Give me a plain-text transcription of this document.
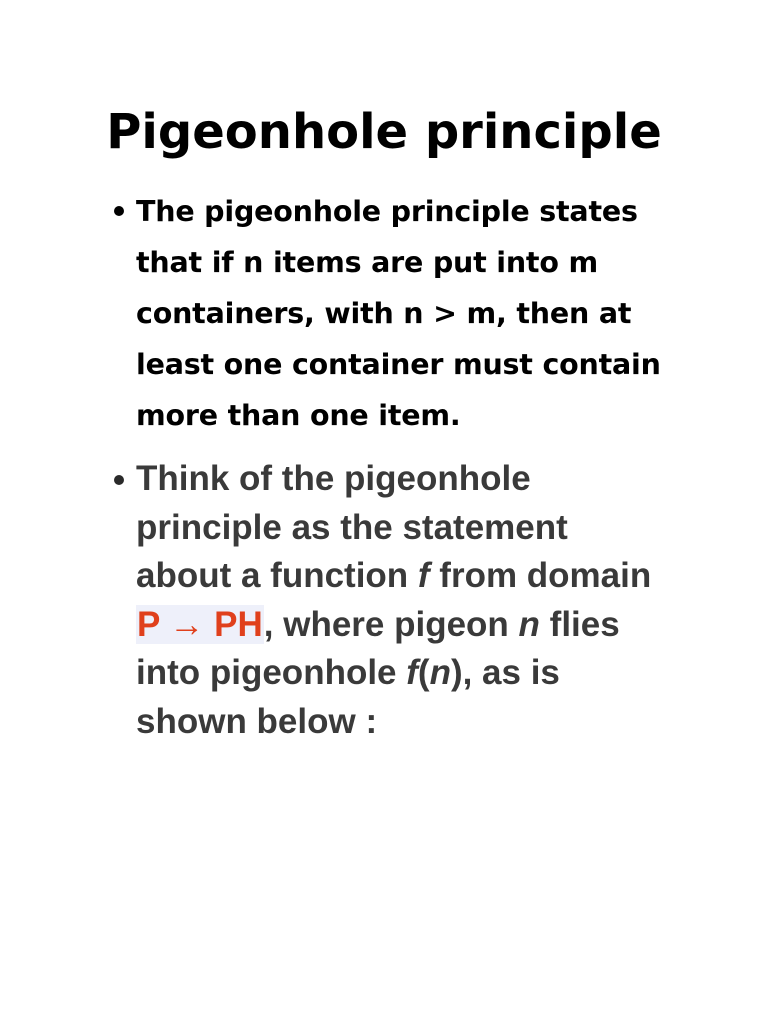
Pigeonhole principle
The pigeonhole principle states that if n items are put into m containers, with n > m, then at least one container must contain more than one item.
Think of the pigeonhole principle as the statement about a function f from domain P → PH, where pigeon n flies into pigeonhole f(n), as is shown below :
